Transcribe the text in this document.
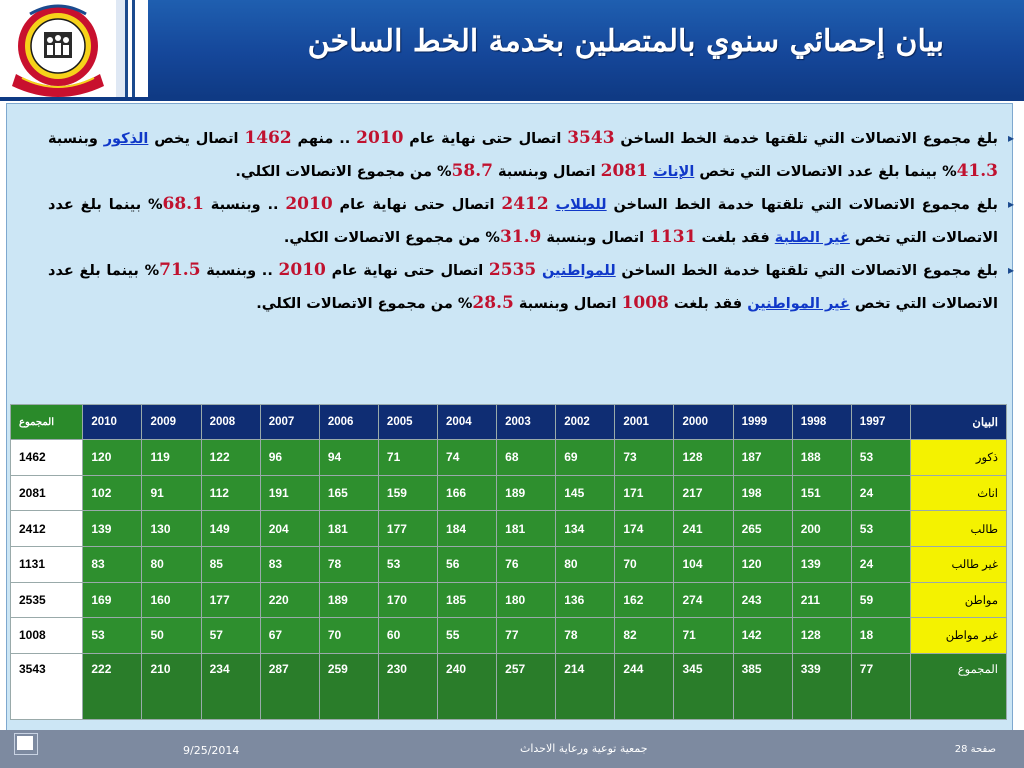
بيان إحصائي سنوي بالمتصلين بخدمة الخط الساخن

▸
بلغ مجموع الاتصالات التي تلقتها خدمة الخط الساخن 3543 اتصال حتى نهاية عام 2010 .. منهم 1462 اتصال يخص الذكور وبنسبة 41.3% بينما بلغ عدد الاتصالات التي تخص الإناث 2081 اتصال وبنسبة 58.7% من مجموع الاتصالات الكلي.

▸
بلغ مجموع الاتصالات التي تلقتها خدمة الخط الساخن للطلاب 2412 اتصال حتى نهاية عام 2010 .. وبنسبة 68.1% بينما بلغ عدد الاتصالات التي تخص غير الطلبة فقد بلغت 1131 اتصال وبنسبة 31.9% من مجموع الاتصالات الكلي.

▸
بلغ مجموع الاتصالات التي تلقتها خدمة الخط الساخن للمواطنين 2535 اتصال حتى نهاية عام 2010 .. وبنسبة 71.5% بينما بلغ عدد الاتصالات التي تخص غير المواطنين فقد بلغت 1008 اتصال وبنسبة 28.5% من مجموع الاتصالات الكلي.

البيان	1997	1998	1999	2000	2001	2002	2003	2004	2005	2006	2007	2008	2009	2010	المجموع
ذكور	53	188	187	128	73	69	68	74	71	94	96	122	119	120	1462
اناث	24	151	198	217	171	145	189	166	159	165	191	112	91	102	2081
طالب	53	200	265	241	174	134	181	184	177	181	204	149	130	139	2412
غير طالب	24	139	120	104	70	80	76	56	53	78	83	85	80	83	1131
مواطن	59	211	243	274	162	136	180	185	170	189	220	177	160	169	2535
غير مواطن	18	128	142	71	82	78	77	55	60	70	67	57	50	53	1008
المجموع	77	339	385	345	244	214	257	240	230	259	287	234	210	222	3543
9/25/2014	جمعية توعية ورعاية الاحداث	صفحة 28
